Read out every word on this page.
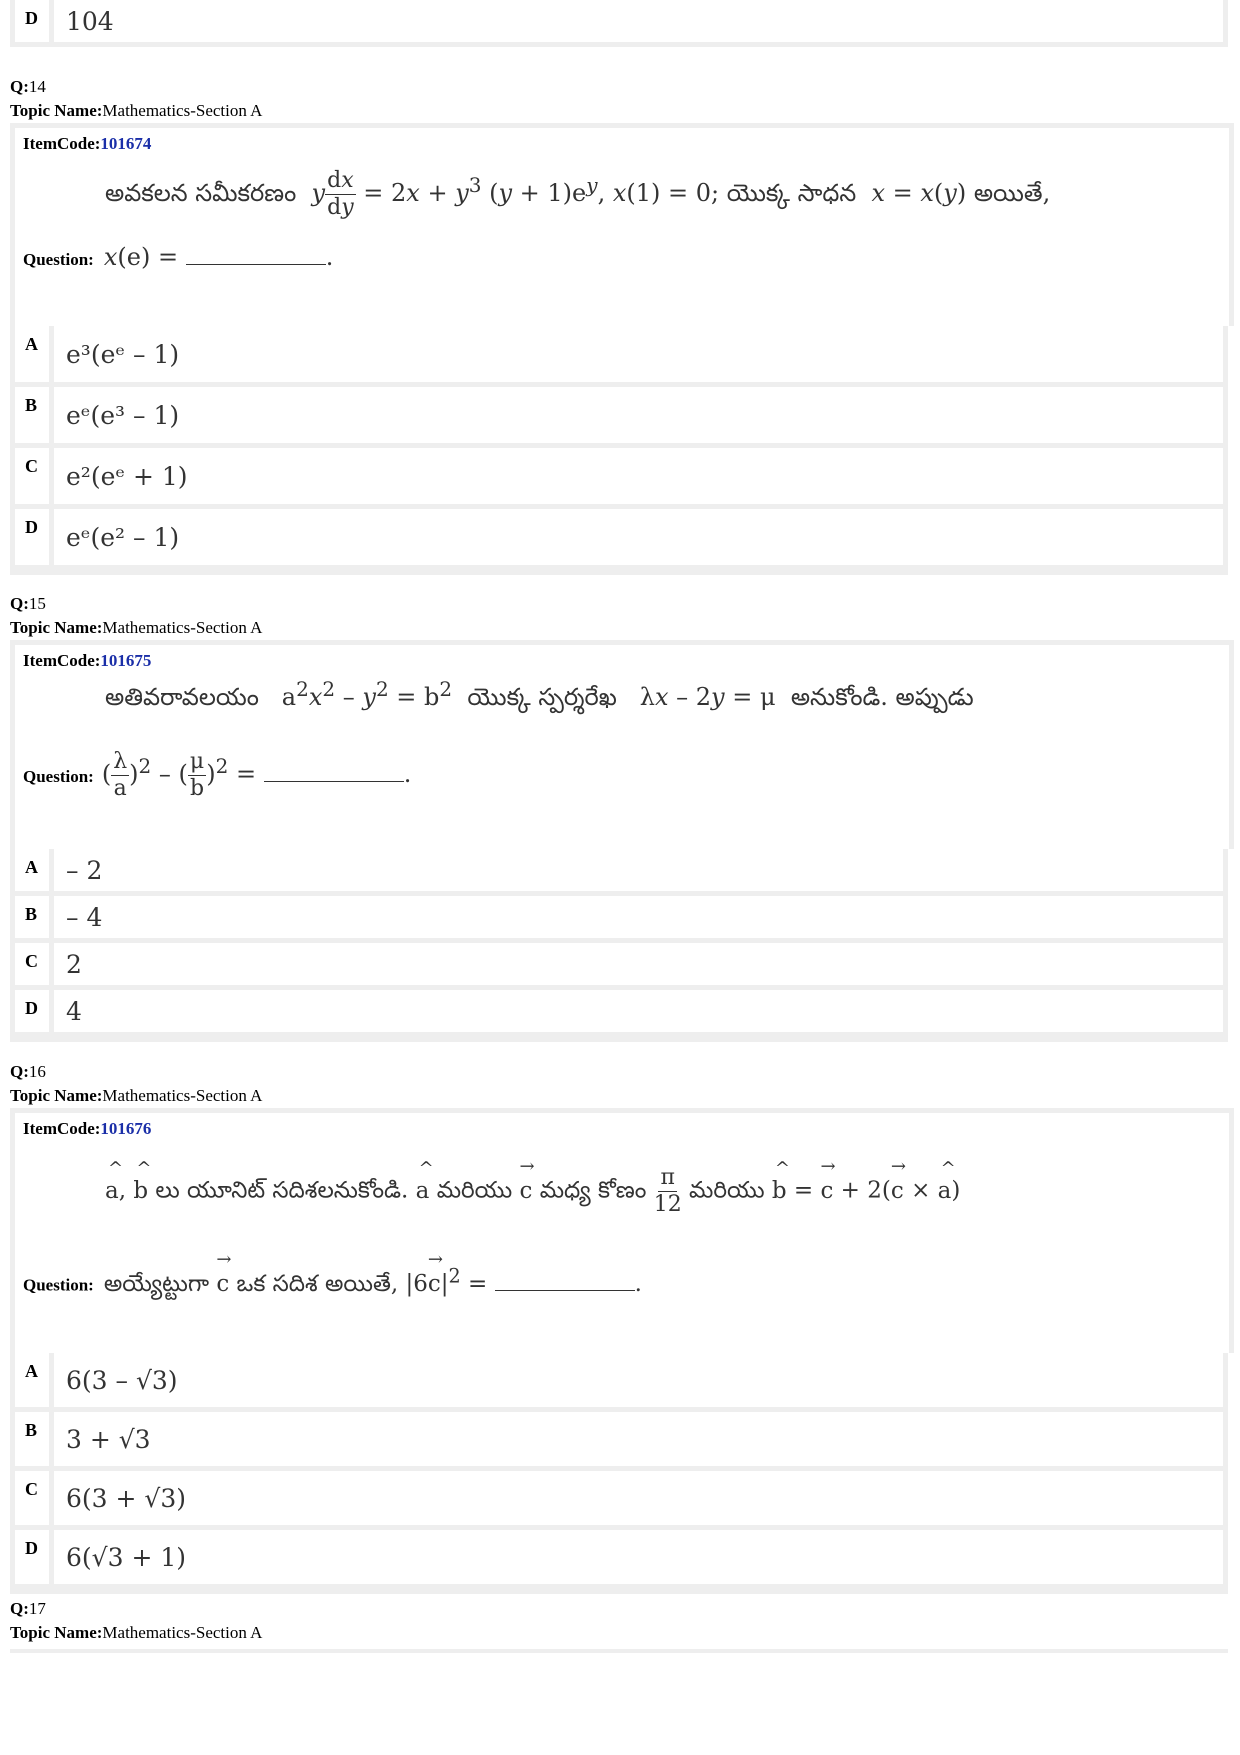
D	104
Q:14
Topic Name:Mathematics-Section A
ItemCode:101674
అవకలన సమీకరణం y $\frac{dx}{dy} = 2x + y^3$ $(y + 1)e^y$, x(1) = 0; యొక్క సాధన x = x(y) అయితే,
Question: x(e) =	.
A	e³(eᵉ – 1)
B	eᵉ(e³ – 1)
C	e²(eᵉ + 1)
D	eᵉ(e² – 1)
Q:15
Topic Name:Mathematics-Section A
ItemCode:101675
అతివరావలయం   $a^2x^2 - y^2 = b^2$ యొక్క స్పర్శరేఖ   λx – 2y = μ  అనుకోండి. అప్పుడు
Question: ( $\frac{\lambda}{a} )^2$ – ( $\frac{\mu}{b} )^2$ =	.
A	– 2
B	– 4
C	2
D	4
Q:16
Topic Name:Mathematics-Section A
ItemCode:101676
^ a, ^ b లు యూనిట్ సదిశలనుకోండి. ^ a మరియు → c మధ్య కోణం $\frac{\pi}{12}$ మరియు ^ b = → c + 2(→ c × ^ a)
Question: అయ్యేట్టుగా → c ఒక సదిశ అయితే, $|6\to c|^2$ =	.
A	6(3 – √3)
B	3 + √3
C	6(3 + √3)
D	6(√3 + 1)
Q:17
Topic Name:Mathematics-Section A
